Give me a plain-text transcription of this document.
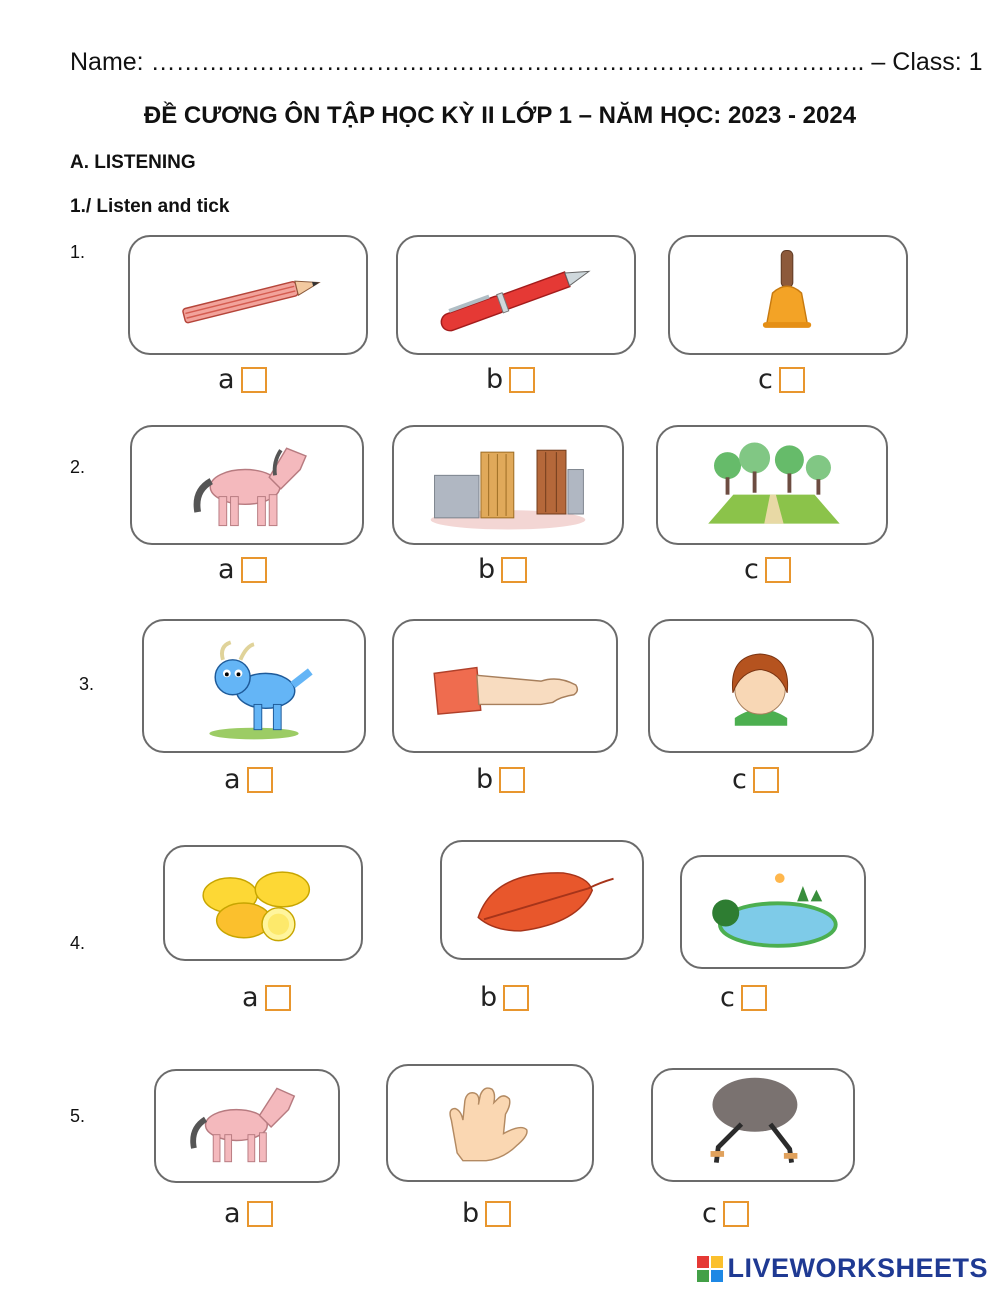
Name: ………………………………………………………………………….. – Class: 1
ĐỀ CƯƠNG ÔN TẬP HỌC KỲ II LỚP 1 – NĂM HỌC: 2023 - 2024
A. LISTENING
1./ Listen and tick
1.
2.
3.
4.
5.
a	b	c
a	b	c
a	b	c
a	b	c
a	b	c
LIVEWORKSHEETS
